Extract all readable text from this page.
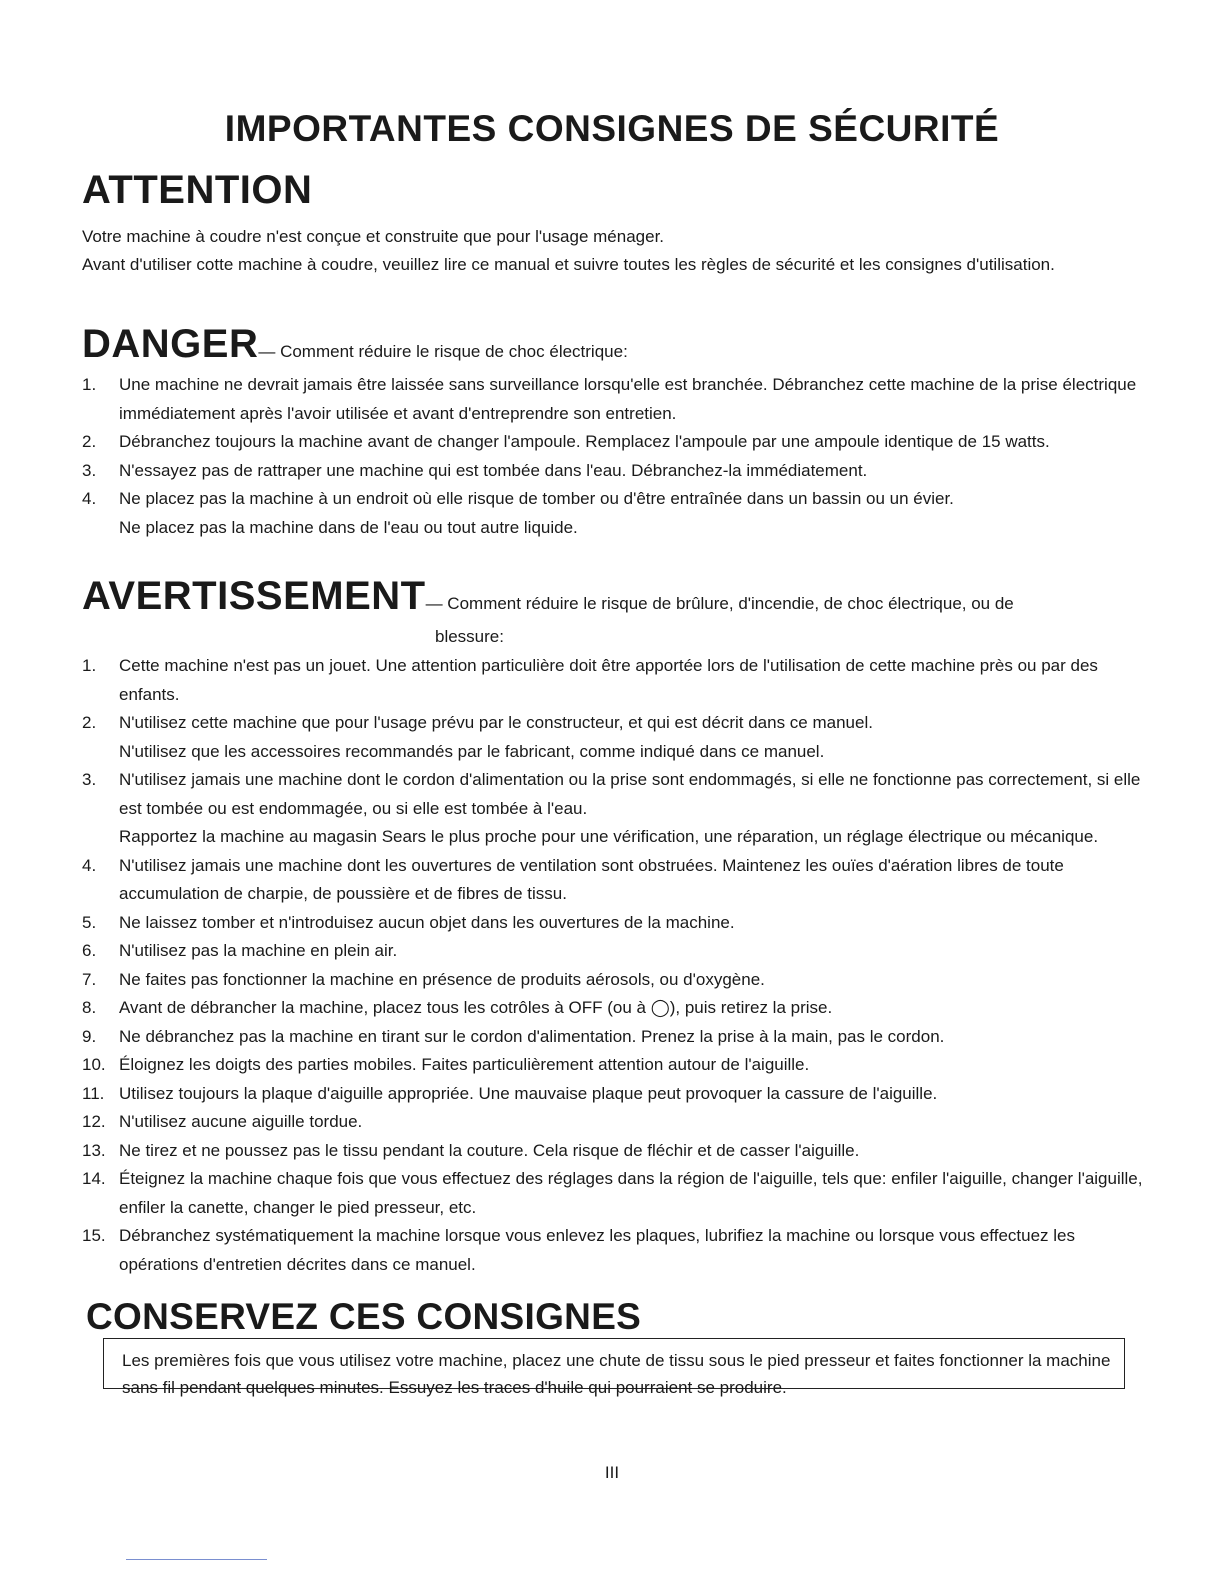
IMPORTANTES CONSIGNES DE SÉCURITÉ
ATTENTION

Votre machine à coudre n'est conçue et construite que pour l'usage ménager.

Avant d'utiliser cotte machine à coudre, veuillez lire ce manual et suivre toutes les règles de sécurité et les consignes d'utilisation.

DANGER— Comment réduire le risque de choc électrique:
1. Une machine ne devrait jamais être laissée sans surveillance lorsqu'elle est branchée. Débranchez cette machine de la prise électrique immédiatement après l'avoir utilisée et avant d'entreprendre son entretien.
2. Débranchez toujours la machine avant de changer l'ampoule. Remplacez l'ampoule par une ampoule identique de 15 watts.
3. N'essayez pas de rattraper une machine qui est tombée dans l'eau. Débranchez-la immédiatement.
4. Ne placez pas la machine à un endroit où elle risque de tomber ou d'être entraînée dans un bassin ou un évier.
Ne placez pas la machine dans de l'eau ou tout autre liquide.
AVERTISSEMENT— Comment réduire le risque de brûlure, d'incendie, de choc électrique, ou de

blessure:

1. Cette machine n'est pas un jouet. Une attention particulière doit être apportée lors de l'utilisation de cette machine près ou par des enfants.
2. N'utilisez cette machine que pour l'usage prévu par le constructeur, et qui est décrit dans ce manuel.
N'utilisez que les accessoires recommandés par le fabricant, comme indiqué dans ce manuel.
3. N'utilisez jamais une machine dont le cordon d'alimentation ou la prise sont endommagés, si elle ne fonctionne pas correctement, si elle est tombée ou est endommagée, ou si elle est tombée à l'eau.
Rapportez la machine au magasin Sears le plus proche pour une vérification, une réparation, un réglage électrique ou mécanique.
4. N'utilisez jamais une machine dont les ouvertures de ventilation sont obstruées. Maintenez les ouïes d'aération libres de toute accumulation de charpie, de poussière et de fibres de tissu.
5. Ne laissez tomber et n'introduisez aucun objet dans les ouvertures de la machine.
6. N'utilisez pas la machine en plein air.
7. Ne faites pas fonctionner la machine en présence de produits aérosols, ou d'oxygène.
8. Avant de débrancher la machine, placez tous les cotrôles à OFF (ou à ◯), puis retirez la prise.
9. Ne débranchez pas la machine en tirant sur le cordon d'alimentation. Prenez la prise à la main, pas le cordon.
10. Éloignez les doigts des parties mobiles. Faites particulièrement attention autour de l'aiguille.
11. Utilisez toujours la plaque d'aiguille appropriée. Une mauvaise plaque peut provoquer la cassure de l'aiguille.
12. N'utilisez aucune aiguille tordue.
13. Ne tirez et ne poussez pas le tissu pendant la couture. Cela risque de fléchir et de casser l'aiguille.
14. Éteignez la machine chaque fois que vous effectuez des réglages dans la région de l'aiguille, tels que: enfiler l'aiguille, changer l'aiguille, enfiler la canette, changer le pied presseur, etc.
15. Débranchez systématiquement la machine lorsque vous enlevez les plaques, lubrifiez la machine ou lorsque vous effectuez les opérations d'entretien décrites dans ce manuel.
CONSERVEZ CES CONSIGNES
Les premières fois que vous utilisez votre machine, placez une chute de tissu sous le pied presseur et faites fonctionner la machine sans fil pendant quelques minutes. Essuyez les traces d'huile qui pourraient se produire.
III
